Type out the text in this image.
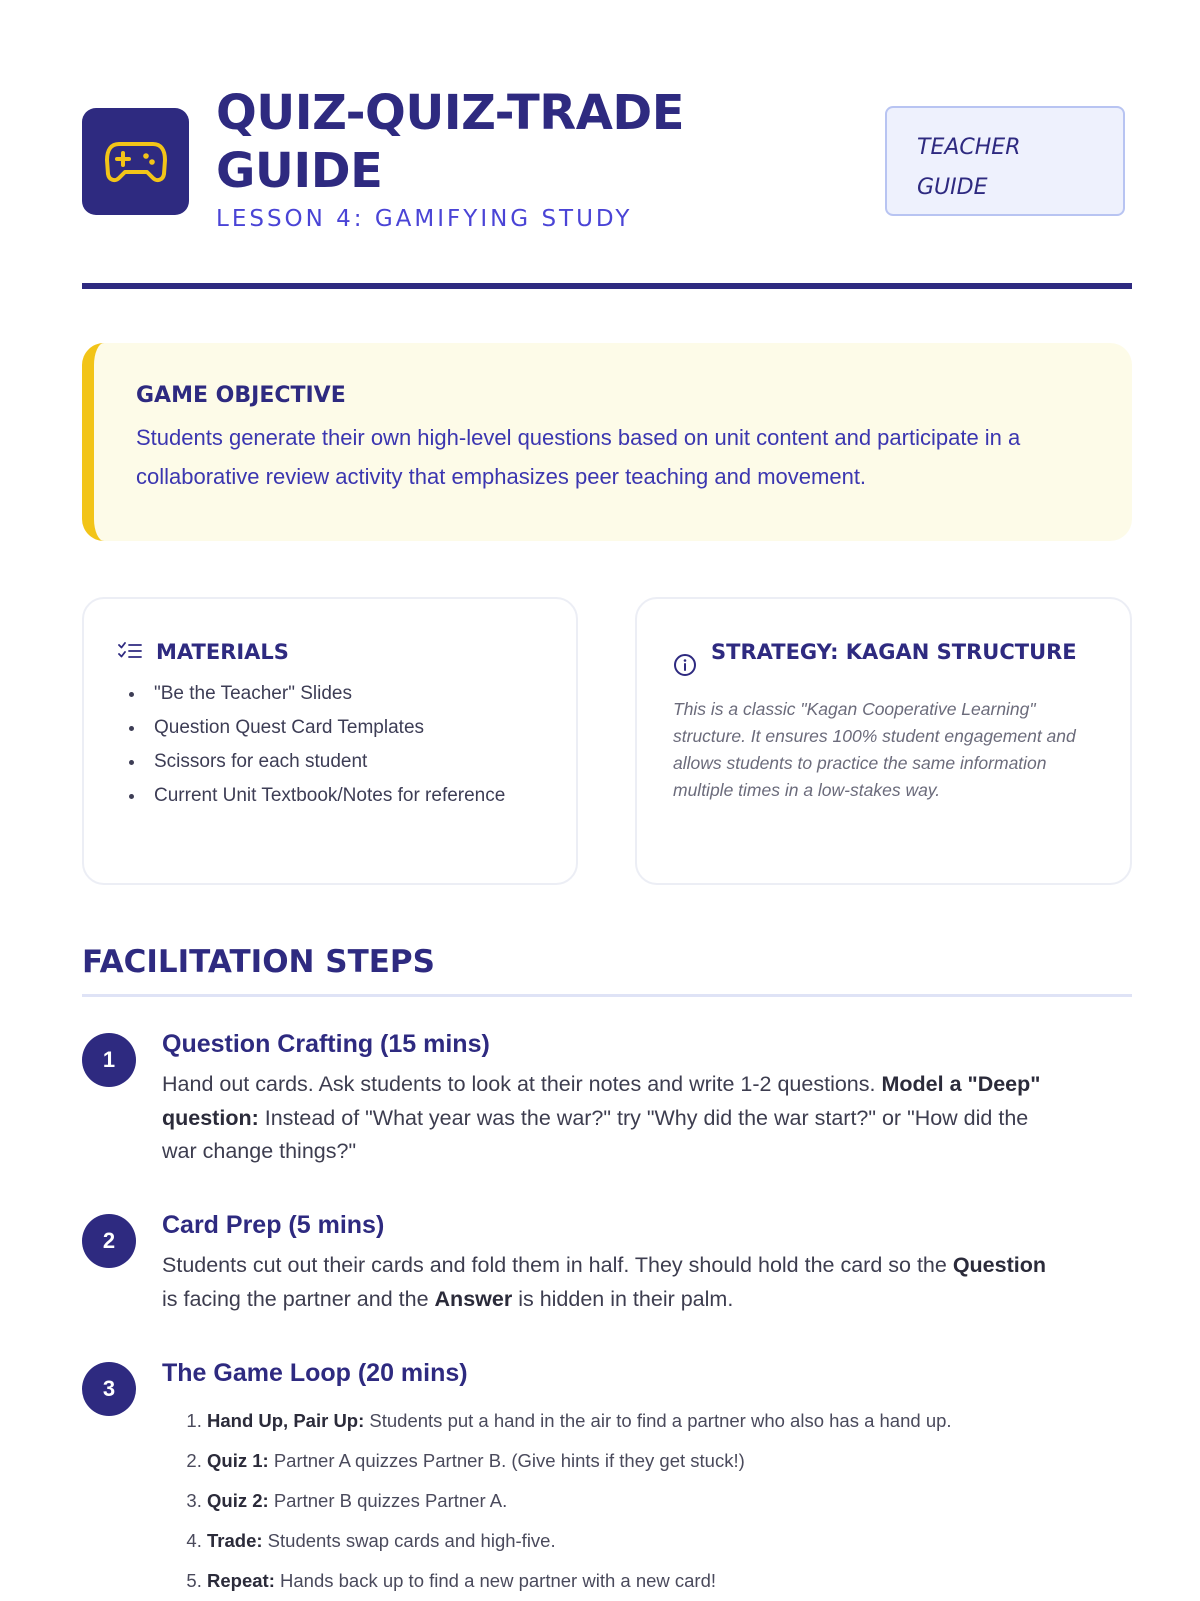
QUIZ-QUIZ-TRADE GUIDE
LESSON 4: GAMIFYING STUDY
TEACHER GUIDE
GAME OBJECTIVE

Students generate their own high-level questions based on unit content and participate in a collaborative review activity that emphasizes peer teaching and movement.

MATERIALS
• "Be the Teacher" Slides
• Question Quest Card Templates
• Scissors for each student
• Current Unit Textbook/Notes for reference
STRATEGY: KAGAN STRUCTURE

This is a classic "Kagan Cooperative Learning" structure. It ensures 100% student engagement and allows students to practice the same information multiple times in a low-stakes way.

FACILITATION STEPS
1
Question Crafting (15 mins)
Hand out cards. Ask students to look at their notes and write 1-2 questions. Model a "Deep" question: Instead of "What year was the war?" try "Why did the war start?" or "How did the war change things?"
2
Card Prep (5 mins)
Students cut out their cards and fold them in half. They should hold the card so the Question is facing the partner and the Answer is hidden in their palm.
3
The Game Loop (20 mins)
1. Hand Up, Pair Up: Students put a hand in the air to find a partner who also has a hand up.
2. Quiz 1: Partner A quizzes Partner B. (Give hints if they get stuck!)
3. Quiz 2: Partner B quizzes Partner A.
4. Trade: Students swap cards and high-five.
5. Repeat: Hands back up to find a new partner with a new card!
